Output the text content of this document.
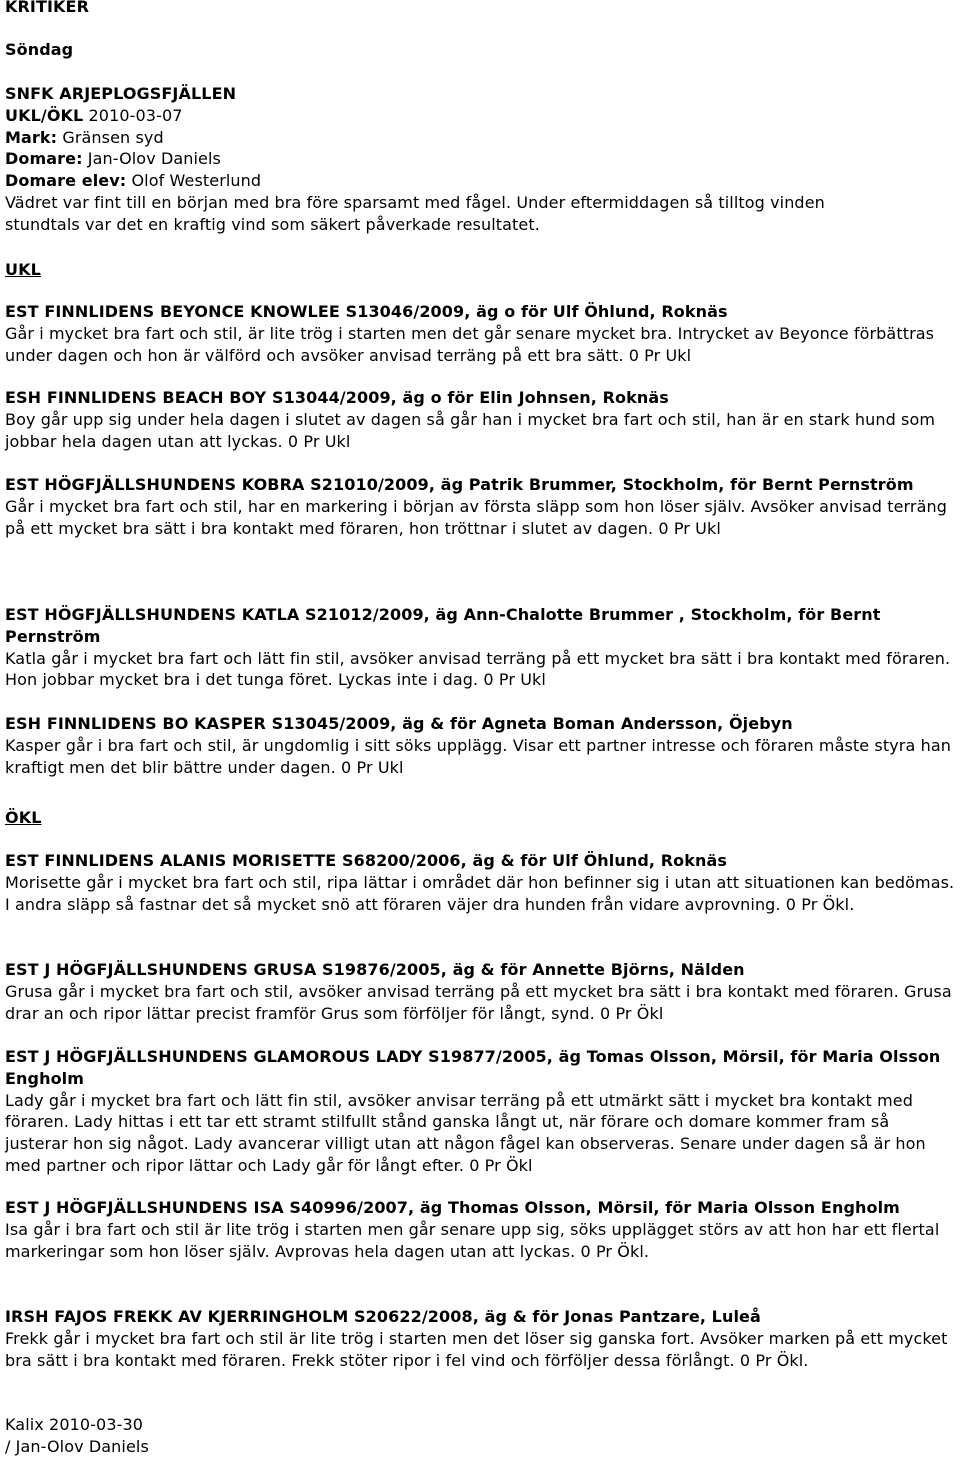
KRITIKER
Söndag
SNFK ARJEPLOGSFJÄLLEN
UKL/ÖKL 2010-03-07
Mark: Gränsen syd
Domare: Jan-Olov Daniels
Domare elev: Olof Westerlund
Vädret var fint till en början med bra före sparsamt med fågel. Under eftermiddagen så tilltog vinden
stundtals var det en kraftig vind som säkert påverkade resultatet.
UKL

EST FINNLIDENS BEYONCE KNOWLEE S13046/2009, äg o för Ulf Öhlund, Roknäs

Går i mycket bra fart och stil, är lite trög i starten men det går senare mycket bra. Intrycket av Beyonce förbättras under dagen och hon är välförd och avsöker anvisad terräng på ett bra sätt. 0 Pr Ukl

ESH FINNLIDENS BEACH BOY S13044/2009, äg o för Elin Johnsen, Roknäs

Boy går upp sig under hela dagen i slutet av dagen så går han i mycket bra fart och stil, han är en stark hund som jobbar hela dagen utan att lyckas. 0 Pr Ukl

EST HÖGFJÄLLSHUNDENS KOBRA S21010/2009, äg Patrik Brummer, Stockholm, för Bernt Pernström

Går i mycket bra fart och stil, har en markering i början av första släpp som hon löser själv. Avsöker anvisad terräng på ett mycket bra sätt i bra kontakt med föraren, hon tröttnar i slutet av dagen. 0 Pr Ukl

EST HÖGFJÄLLSHUNDENS KATLA S21012/2009, äg Ann-Chalotte Brummer , Stockholm, för Bernt Pernström

Katla går i mycket bra fart och lätt fin stil, avsöker anvisad terräng på ett mycket bra sätt i bra kontakt med föraren. Hon jobbar mycket bra i det tunga föret. Lyckas inte i dag. 0 Pr Ukl

ESH FINNLIDENS BO KASPER S13045/2009, äg & för Agneta Boman Andersson, Öjebyn

Kasper går i bra fart och stil, är ungdomlig i sitt söks upplägg. Visar ett partner intresse och föraren måste styra han kraftigt men det blir bättre under dagen. 0 Pr Ukl

ÖKL

EST FINNLIDENS ALANIS MORISETTE S68200/2006, äg & för Ulf Öhlund, Roknäs

Morisette går i mycket bra fart och stil, ripa lättar i området där hon befinner sig i utan att situationen kan bedömas. I andra släpp så fastnar det så mycket snö att föraren väjer dra hunden från vidare avprovning. 0 Pr Ökl.

EST J HÖGFJÄLLSHUNDENS GRUSA S19876/2005, äg & för Annette Björns, Nälden

Grusa går i mycket bra fart och stil, avsöker anvisad terräng på ett mycket bra sätt i bra kontakt med föraren. Grusa drar an och ripor lättar precist framför Grus som förföljer för långt, synd. 0 Pr Ökl

EST J HÖGFJÄLLSHUNDENS GLAMOROUS LADY S19877/2005, äg Tomas Olsson, Mörsil, för Maria Olsson Engholm

Lady går i mycket bra fart och lätt fin stil, avsöker anvisar terräng på ett utmärkt sätt i mycket bra kontakt med föraren. Lady hittas i ett tar ett stramt stilfullt stånd ganska långt ut, när förare och domare kommer fram så justerar hon sig något. Lady avancerar villigt utan att någon fågel kan observeras. Senare under dagen så är hon med partner och ripor lättar och Lady går för långt efter. 0 Pr Ökl

EST J HÖGFJÄLLSHUNDENS ISA S40996/2007, äg Thomas Olsson, Mörsil, för Maria Olsson Engholm

Isa går i bra fart och stil är lite trög i starten men går senare upp sig, söks upplägget störs av att hon har ett flertal markeringar som hon löser själv. Avprovas hela dagen utan att lyckas. 0 Pr Ökl.

IRSH FAJOS FREKK AV KJERRINGHOLM S20622/2008, äg & för Jonas Pantzare, Luleå

Frekk går i mycket bra fart och stil är lite trög i starten men det löser sig ganska fort. Avsöker marken på ett mycket bra sätt i bra kontakt med föraren. Frekk stöter ripor i fel vind och förföljer dessa förlångt. 0 Pr Ökl.

Kalix 2010-03-30
/ Jan-Olov Daniels
